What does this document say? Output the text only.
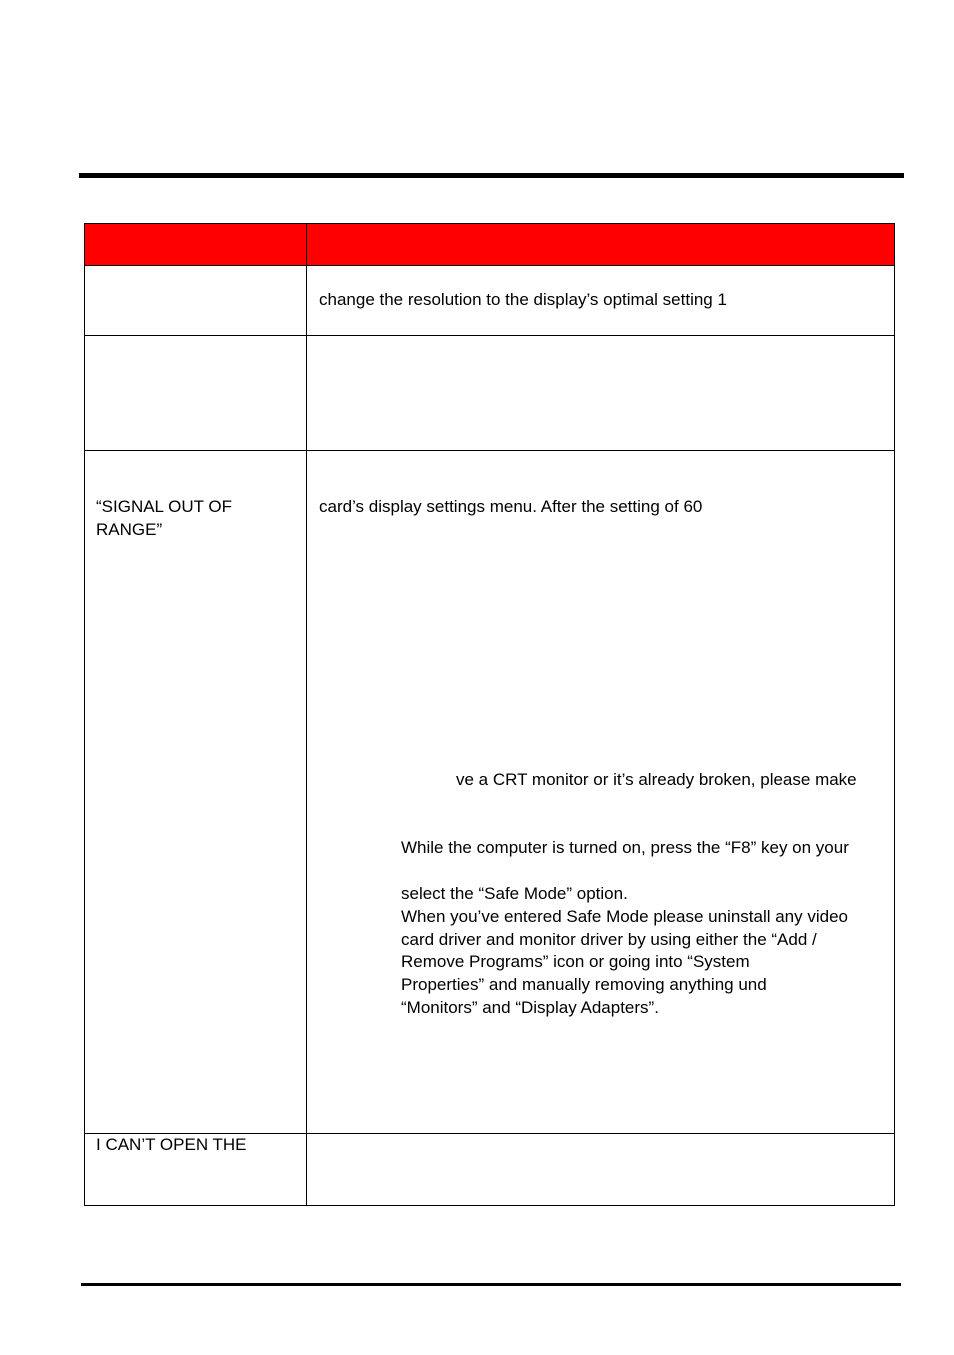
change the resolution to the display’s optimal setting 1

“SIGNAL OUT OF

RANGE”

card’s display settings menu. After the setting of 60

ve a CRT monitor or it’s already broken, please make

While the computer is turned on, press the “F8” key on your

select the “Safe Mode” option.
When you’ve entered Safe Mode please uninstall any video
card driver and monitor driver by using either the “Add /
Remove Programs” icon or going into “System
Properties” and manually removing anything und
“Monitors” and “Display Adapters”.

I CAN’T OPEN THE
